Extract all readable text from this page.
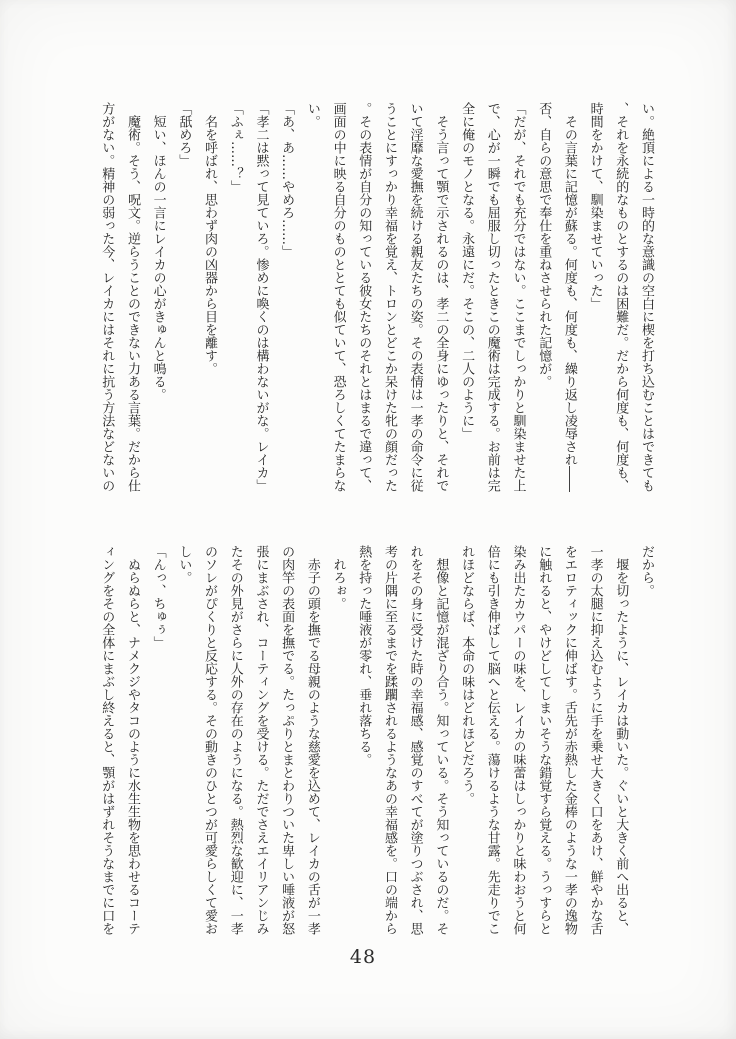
い。絶頂による一時的な意識の空白に楔を打ち込むことはできても、それを永続的なものとするのは困難だ。だから何度も、何度も、時間をかけて、馴染ませていった」

　その言葉に記憶が蘇る。何度も、何度も、繰り返し凌辱され――否、自らの意思で奉仕を重ねさせられた記憶が。

「だが、それでも充分ではない。ここまでしっかりと馴染ませた上で、心が一瞬でも屈服し切ったときこの魔術は完成する。お前は完全に俺のモノとなる。永遠にだ。そこの、二人のように」

　そう言って顎で示されるのは、孝二の全身にゆったりと、それでいて淫靡な愛撫を続ける親友たちの姿。その表情は一孝の命令に従うことにすっかり幸福を覚え、トロンとどこか呆けた牝の顔だった。その表情が自分の知っている彼女たちのそれとはまるで違って、画面の中に映る自分のものととても似ていて、恐ろしくてたまらない。

「あ、あ……やめろ……」

「孝二は黙って見ていろ。惨めに喚くのは構わないがな。レイカ」

「ふぇ……？」

　名を呼ばれ、思わず肉の凶器から目を離す。

「舐めろ」

　短い、ほんの一言にレイカの心がきゅんと鳴る。

　魔術。そう、呪文。逆らうことのできない力ある言葉。だから仕方がない。精神の弱った今、レイカにはそれに抗う方法などないの

だから。

　堰を切ったように、レイカは動いた。ぐいと大きく前へ出ると、一孝の太腿に抑え込むように手を乗せ大きく口をあけ、鮮やかな舌をエロティックに伸ばす。舌先が赤熱した金棒のような一孝の逸物に触れると、やけどしてしまいそうな錯覚すら覚える。うっすらと染み出たカウパーの味を、レイカの味蕾はしっかりと味わおうと何倍にも引き伸ばして脳へと伝える。蕩けるような甘露。先走りでこれほどならば、本命の味はどれほどだろう。

　想像と記憶が混ざり合う。知っている。そう知っているのだ。それをその身に受けた時の幸福感、感覚のすべてが塗りつぶされ、思考の片隅に至るまでを蹂躙されるようなあの幸福感を。口の端から熱を持った唾液が零れ、垂れ落ちる。

　れろぉ。

　赤子の頭を撫でる母親のような慈愛を込めて、レイカの舌が一孝の肉竿の表面を撫でる。たっぷりとまとわりついた卑しい唾液が怒張にまぶされ、コーティングを受ける。ただでさえエイリアンじみたその外見がさらに人外の存在のようになる。熱烈な歓迎に、一孝のソレがぴくりと反応する。その動きのひとつが可愛らしくて愛おしい。

「んっ、ちゅぅ」

　ぬらぬらと、ナメクジやタコのように水生生物を思わせるコーティングをその全体にまぶし終えると、顎がはずれそうなまでに口を

48
